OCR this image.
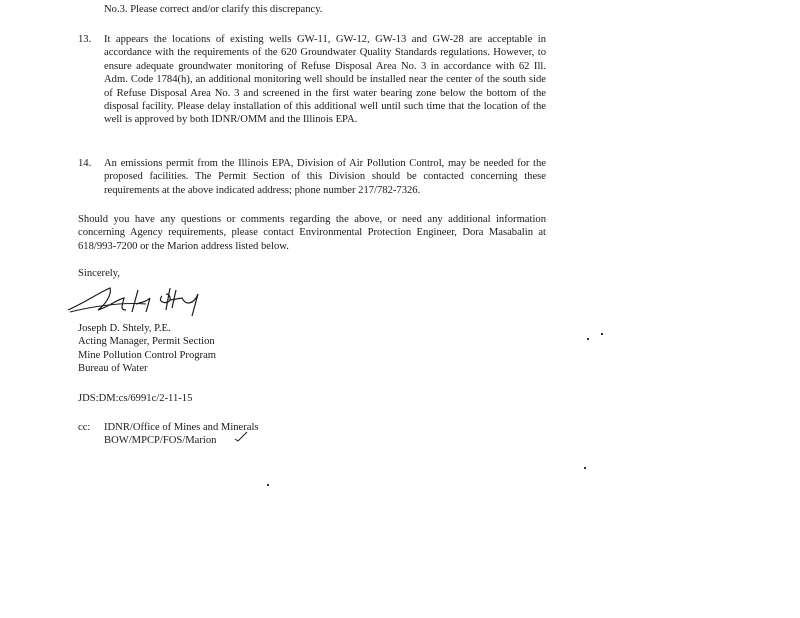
No.3. Please correct and/or clarify this discrepancy.
13. It appears the locations of existing wells GW-11, GW-12, GW-13 and GW-28 are acceptable in accordance with the requirements of the 620 Groundwater Quality Standards regulations. However, to ensure adequate groundwater monitoring of Refuse Disposal Area No. 3 in accordance with 62 Ill. Adm. Code 1784(h), an additional monitoring well should be installed near the center of the south side of Refuse Disposal Area No. 3 and screened in the first water bearing zone below the bottom of the disposal facility. Please delay installation of this additional well until such time that the location of the well is approved by both IDNR/OMM and the Illinois EPA.
14. An emissions permit from the Illinois EPA, Division of Air Pollution Control, may be needed for the proposed facilities. The Permit Section of this Division should be contacted concerning these requirements at the above indicated address; phone number 217/782-7326.
Should you have any questions or comments regarding the above, or need any additional information concerning Agency requirements, please contact Environmental Protection Engineer, Dora Masabalin at 618/993-7200 or the Marion address listed below.
Sincerely,
Joseph D. Shtely, P.E.
Acting Manager, Permit Section
Mine Pollution Control Program
Bureau of Water
JDS:DM:cs/6991c/2-11-15
cc: IDNR/Office of Mines and Minerals
BOW/MPCP/FOS/Marion
